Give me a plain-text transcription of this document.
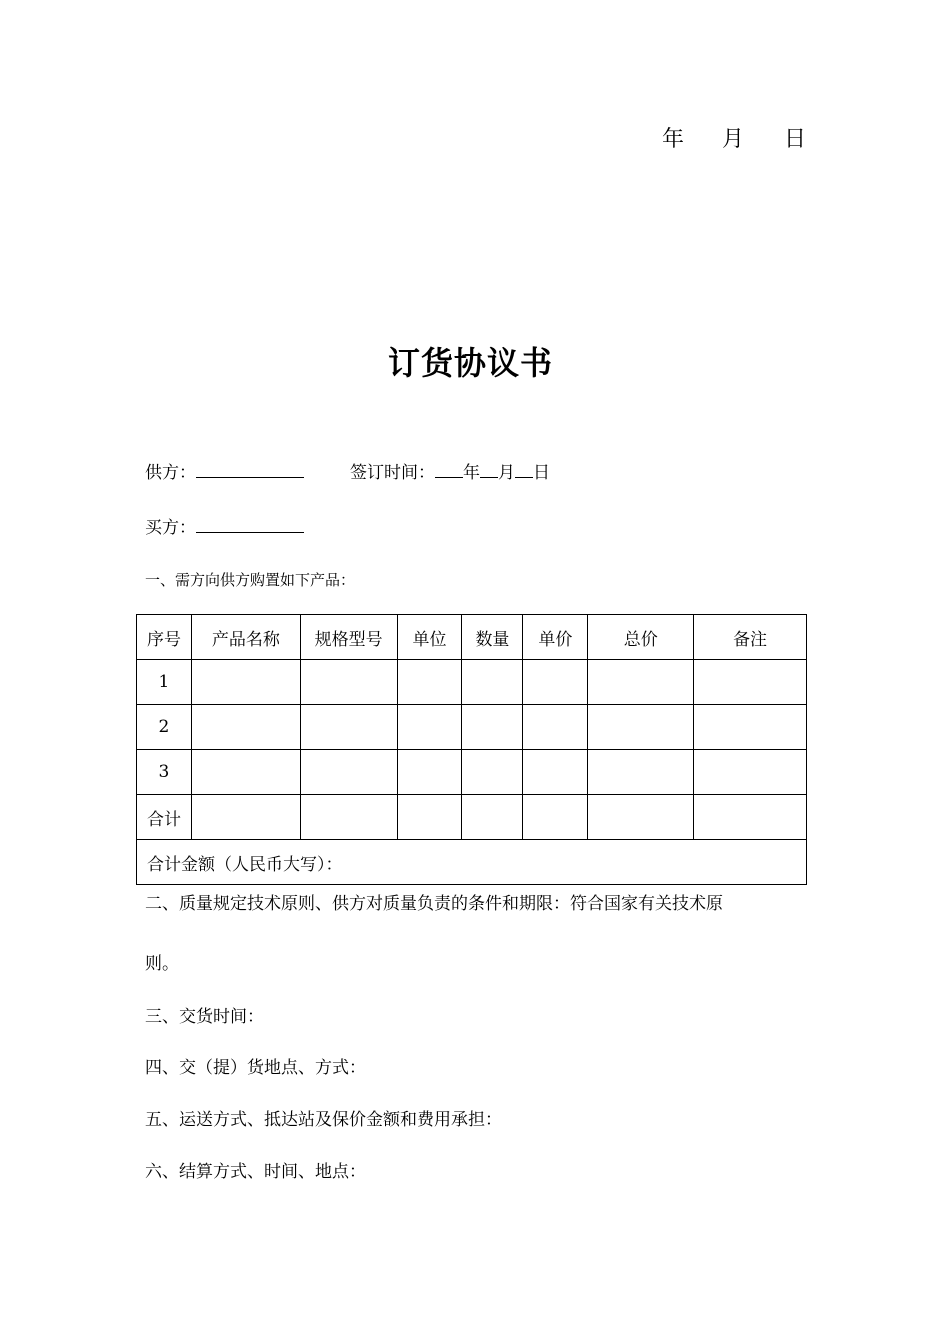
年 月 日
订货协议书
供方：	签订时间： 年 月 日
买方：
一、需方向供方购置如下产品：
序号	产品名称	规格型号	单位	数量	单价	总价	备注
1							
2							
3							
合计							
合计金额（人民币大写）：							
二、质量规定技术原则、供方对质量负责的条件和期限：符合国家有关技术原
则。
三、交货时间：
四、交（提）货地点、方式：
五、运送方式、抵达站及保价金额和费用承担：
六、结算方式、时间、地点：
